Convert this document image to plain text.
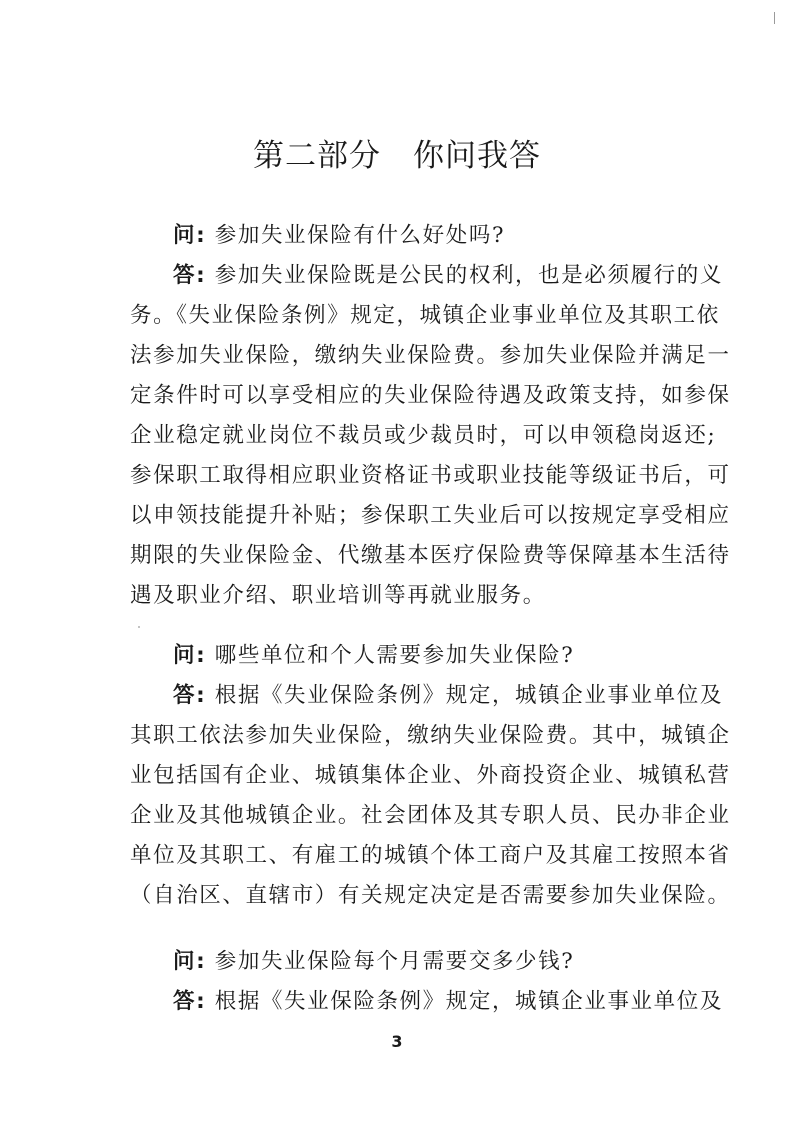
第二部分　你问我答
问: 参加失业保险有什么好处吗?
答: 参加失业保险既是公民的权利，也是必须履行的义
务。《失业保险条例》规定，城镇企业事业单位及其职工依
法参加失业保险，缴纳失业保险费。参加失业保险并满足一
定条件时可以享受相应的失业保险待遇及政策支持，如参保
企业稳定就业岗位不裁员或少裁员时，可以申领稳岗返还;
参保职工取得相应职业资格证书或职业技能等级证书后，可
以申领技能提升补贴；参保职工失业后可以按规定享受相应
期限的失业保险金、代缴基本医疗保险费等保障基本生活待
遇及职业介绍、职业培训等再就业服务。
问: 哪些单位和个人需要参加失业保险?
答: 根据《失业保险条例》规定，城镇企业事业单位及
其职工依法参加失业保险，缴纳失业保险费。其中，城镇企
业包括国有企业、城镇集体企业、外商投资企业、城镇私营
企业及其他城镇企业。社会团体及其专职人员、民办非企业
单位及其职工、有雇工的城镇个体工商户及其雇工按照本省
（自治区、直辖市）有关规定决定是否需要参加失业保险。
问: 参加失业保险每个月需要交多少钱?
答: 根据《失业保险条例》规定，城镇企业事业单位及
3
